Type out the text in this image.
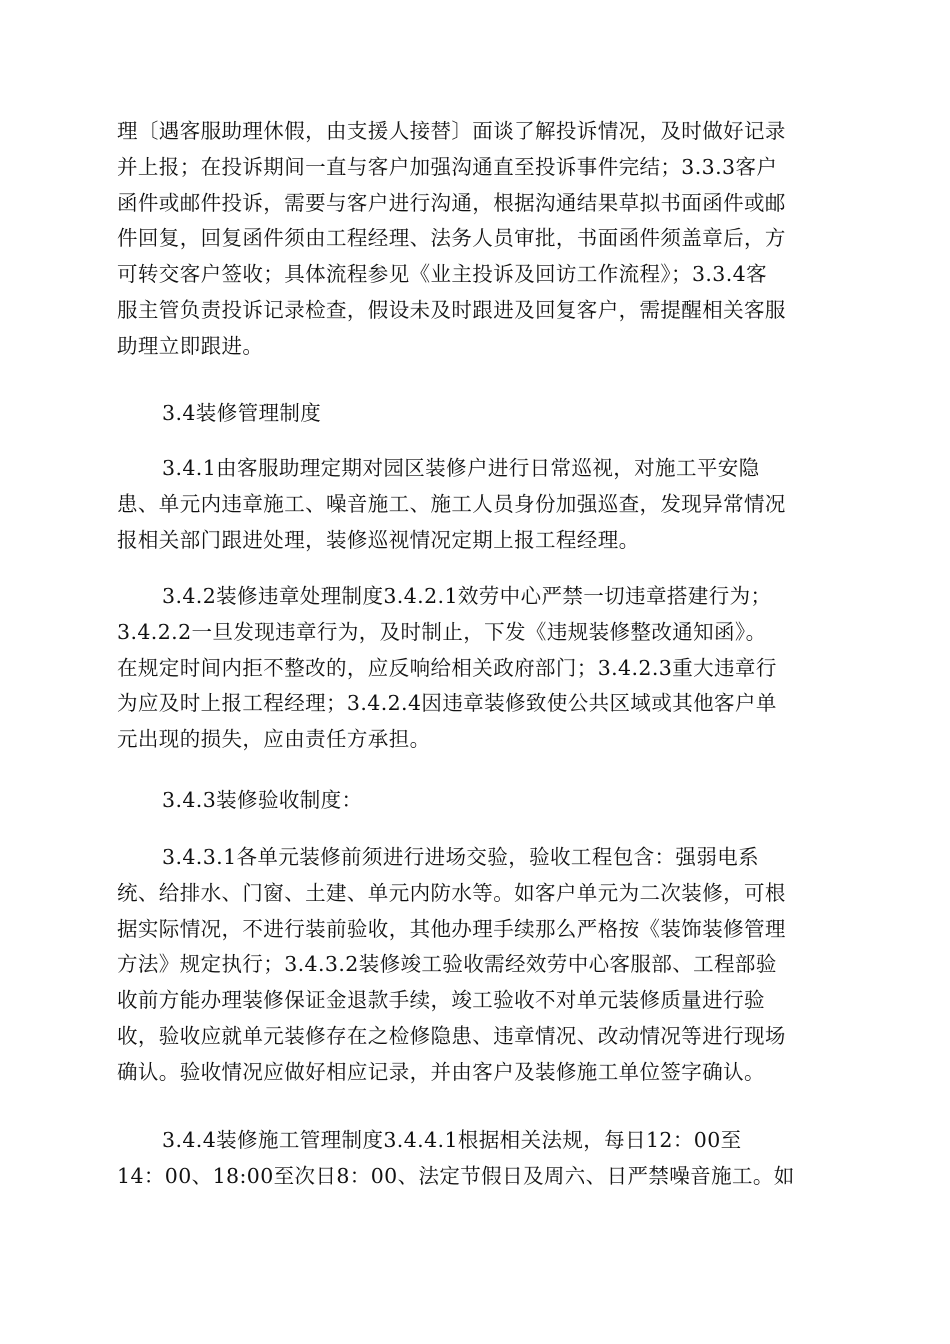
理〔遇客服助理休假，由支援人接替〕面谈了解投诉情况，及时做好记录
并上报；在投诉期间一直与客户加强沟通直至投诉事件完结；3.3.3客户
函件或邮件投诉，需要与客户进行沟通，根据沟通结果草拟书面函件或邮
件回复，回复函件须由工程经理、法务人员审批，书面函件须盖章后，方
可转交客户签收；具体流程参见《业主投诉及回访工作流程》；3.3.4客
服主管负责投诉记录检查，假设未及时跟进及回复客户，需提醒相关客服
助理立即跟进。
3.4装修管理制度
3.4.1由客服助理定期对园区装修户进行日常巡视，对施工平安隐
患、单元内违章施工、噪音施工、施工人员身份加强巡查，发现异常情况
报相关部门跟进处理，装修巡视情况定期上报工程经理。
3.4.2装修违章处理制度3.4.2.1效劳中心严禁一切违章搭建行为；
3.4.2.2一旦发现违章行为，及时制止，下发《违规装修整改通知函》。
在规定时间内拒不整改的，应反响给相关政府部门；3.4.2.3重大违章行
为应及时上报工程经理；3.4.2.4因违章装修致使公共区域或其他客户单
元出现的损失，应由责任方承担。
3.4.3装修验收制度：
3.4.3.1各单元装修前须进行进场交验，验收工程包含：强弱电系
统、给排水、门窗、土建、单元内防水等。如客户单元为二次装修，可根
据实际情况，不进行装前验收，其他办理手续那么严格按《装饰装修管理
方法》规定执行；3.4.3.2装修竣工验收需经效劳中心客服部、工程部验
收前方能办理装修保证金退款手续，竣工验收不对单元装修质量进行验
收，验收应就单元装修存在之检修隐患、违章情况、改动情况等进行现场
确认。验收情况应做好相应记录，并由客户及装修施工单位签字确认。
3.4.4装修施工管理制度3.4.4.1根据相关法规，每日12：00至
14：00、18:00至次日8：00、法定节假日及周六、日严禁噪音施工。如
